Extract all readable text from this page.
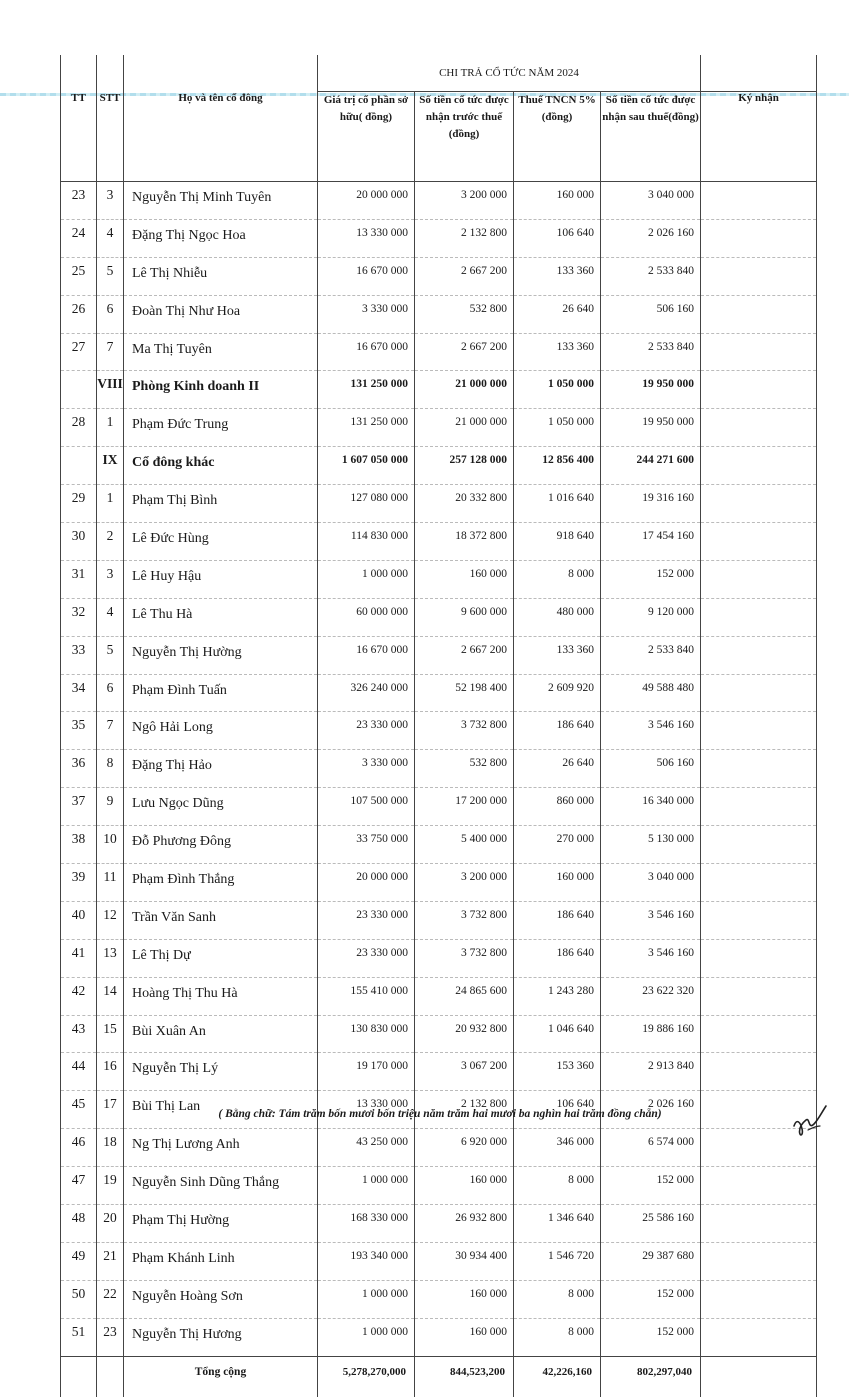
			CHI TRẢ CỔ TỨC NĂM 2024				
TT	STT	Họ và tên cổ đông	Giá trị cổ phần sở hữu( đồng)	Số tiền cổ tức được nhận trước thuế (đồng)	Thuế TNCN 5%(đồng)	Số tiền cổ tức được nhận sau thuế(đồng)	Ký nhận
23	3	Nguyễn Thị Minh Tuyên	20 000 000	3 200 000	160 000	3 040 000	
24	4	Đặng Thị Ngọc Hoa	13 330 000	2 132 800	106 640	2 026 160	
25	5	Lê Thị Nhiễu	16 670 000	2 667 200	133 360	2 533 840	
26	6	Đoàn Thị Như Hoa	3 330 000	532 800	26 640	506 160	
27	7	Ma Thị Tuyên	16 670 000	2 667 200	133 360	2 533 840	
	VIII	Phòng Kinh doanh II	131 250 000	21 000 000	1 050 000	19 950 000	
28	1	Phạm Đức Trung	131 250 000	21 000 000	1 050 000	19 950 000	
	IX	Cổ đông khác	1 607 050 000	257 128 000	12 856 400	244 271 600	
29	1	Phạm Thị Bình	127 080 000	20 332 800	1 016 640	19 316 160	
30	2	Lê Đức Hùng	114 830 000	18 372 800	918 640	17 454 160	
31	3	Lê Huy Hậu	1 000 000	160 000	8 000	152 000	
32	4	Lê Thu Hà	60 000 000	9 600 000	480 000	9 120 000	
33	5	Nguyễn Thị Hường	16 670 000	2 667 200	133 360	2 533 840	
34	6	Phạm Đình Tuấn	326 240 000	52 198 400	2 609 920	49 588 480	
35	7	Ngô Hải Long	23 330 000	3 732 800	186 640	3 546 160	
36	8	Đặng Thị Hảo	3 330 000	532 800	26 640	506 160	
37	9	Lưu Ngọc Dũng	107 500 000	17 200 000	860 000	16 340 000	
38	10	Đỗ Phương Đông	33 750 000	5 400 000	270 000	5 130 000	
39	11	Phạm Đình Thắng	20 000 000	3 200 000	160 000	3 040 000	
40	12	Trần Văn Sanh	23 330 000	3 732 800	186 640	3 546 160	
41	13	Lê Thị Dự	23 330 000	3 732 800	186 640	3 546 160	
42	14	Hoàng Thị Thu Hà	155 410 000	24 865 600	1 243 280	23 622 320	
43	15	Bùi Xuân An	130 830 000	20 932 800	1 046 640	19 886 160	
44	16	Nguyễn Thị Lý	19 170 000	3 067 200	153 360	2 913 840	
45	17	Bùi Thị Lan	13 330 000	2 132 800	106 640	2 026 160	
46	18	Ng Thị Lương Anh	43 250 000	6 920 000	346 000	6 574 000	
47	19	Nguyễn Sinh Dũng Thắng	1 000 000	160 000	8 000	152 000	
48	20	Phạm Thị Hường	168 330 000	26 932 800	1 346 640	25 586 160	
49	21	Phạm Khánh Linh	193 340 000	30 934 400	1 546 720	29 387 680	
50	22	Nguyễn Hoàng Sơn	1 000 000	160 000	8 000	152 000	
51	23	Nguyễn Thị Hương	1 000 000	160 000	8 000	152 000	
		Tổng cộng	5,278,270,000	844,523,200	42,226,160	802,297,040	
( Bằng chữ: Tám trăm bốn mươi bốn triệu năm trăm hai mươi ba nghìn hai trăm đồng chẵn)
